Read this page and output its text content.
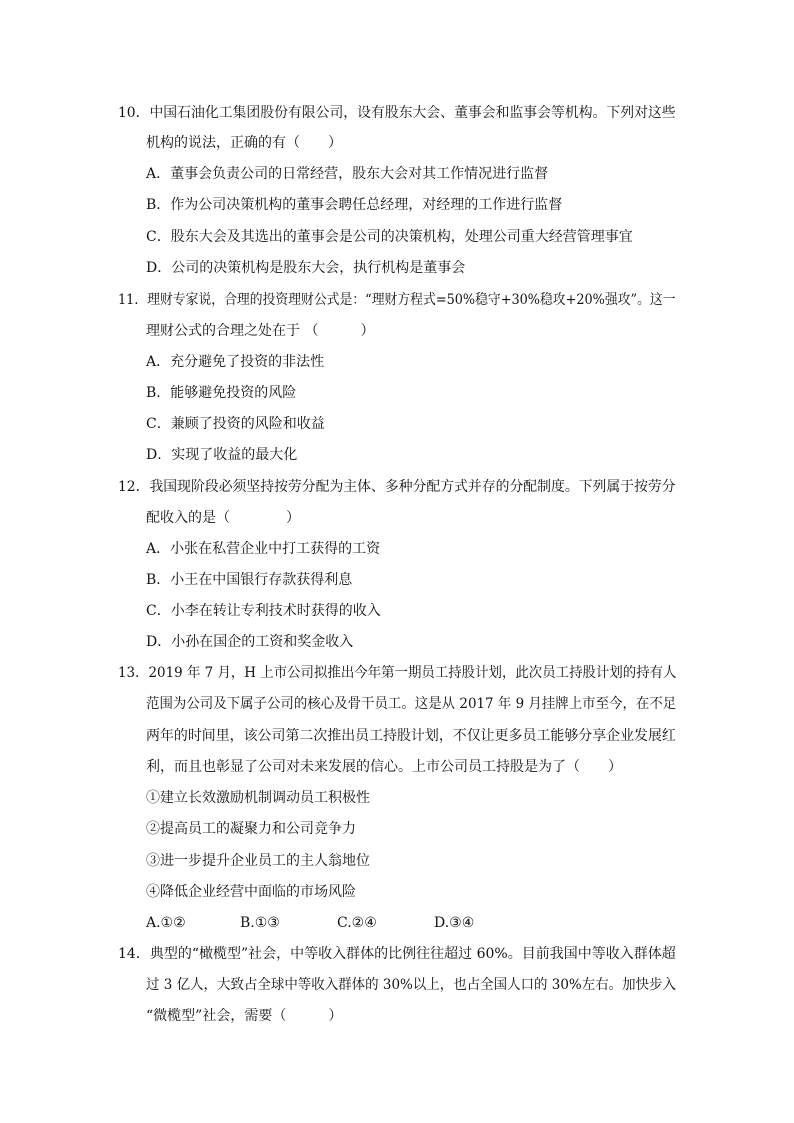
10．中国石油化工集团股份有限公司，设有股东大会、董事会和监事会等机构。下列对这些
机构的说法，正确的有（　　）
A．董事会负责公司的日常经营，股东大会对其工作情况进行监督
B．作为公司决策机构的董事会聘任总经理，对经理的工作进行监督
C．股东大会及其选出的董事会是公司的决策机构，处理公司重大经营管理事宜
D．公司的决策机构是股东大会，执行机构是董事会
11．理财专家说，合理的投资理财公式是：“理财方程式=50%稳守+30%稳攻+20%强攻”。这一
理财公式的合理之处在于 （　　　）
A．充分避免了投资的非法性
B．能够避免投资的风险
C．兼顾了投资的风险和收益
D．实现了收益的最大化
12．我国现阶段必须坚持按劳分配为主体、多种分配方式并存的分配制度。下列属于按劳分
配收入的是（　　　　）
A．小张在私营企业中打工获得的工资
B．小王在中国银行存款获得利息
C．小李在转让专利技术时获得的收入
D．小孙在国企的工资和奖金收入
13．2019 年 7 月，H 上市公司拟推出今年第一期员工持股计划，此次员工持股计划的持有人
范围为公司及下属子公司的核心及骨干员工。这是从 2017 年 9 月挂牌上市至今，在不足
两年的时间里，该公司第二次推出员工持股计划，不仅让更多员工能够分享企业发展红
利，而且也彰显了公司对未来发展的信心。上市公司员工持股是为了（　　）
①建立长效激励机制调动员工积极性
②提高员工的凝聚力和公司竞争力
③进一步提升企业员工的主人翁地位
④降低企业经营中面临的市场风险
A.①②	B.①③	C.②④	D.③④
14．典型的“橄榄型”社会，中等收入群体的比例往往超过 60%。目前我国中等收入群体超
过 3 亿人，大致占全球中等收入群体的 30%以上，也占全国人口的 30%左右。加快步入
“微榄型”社会，需要（　　　）
